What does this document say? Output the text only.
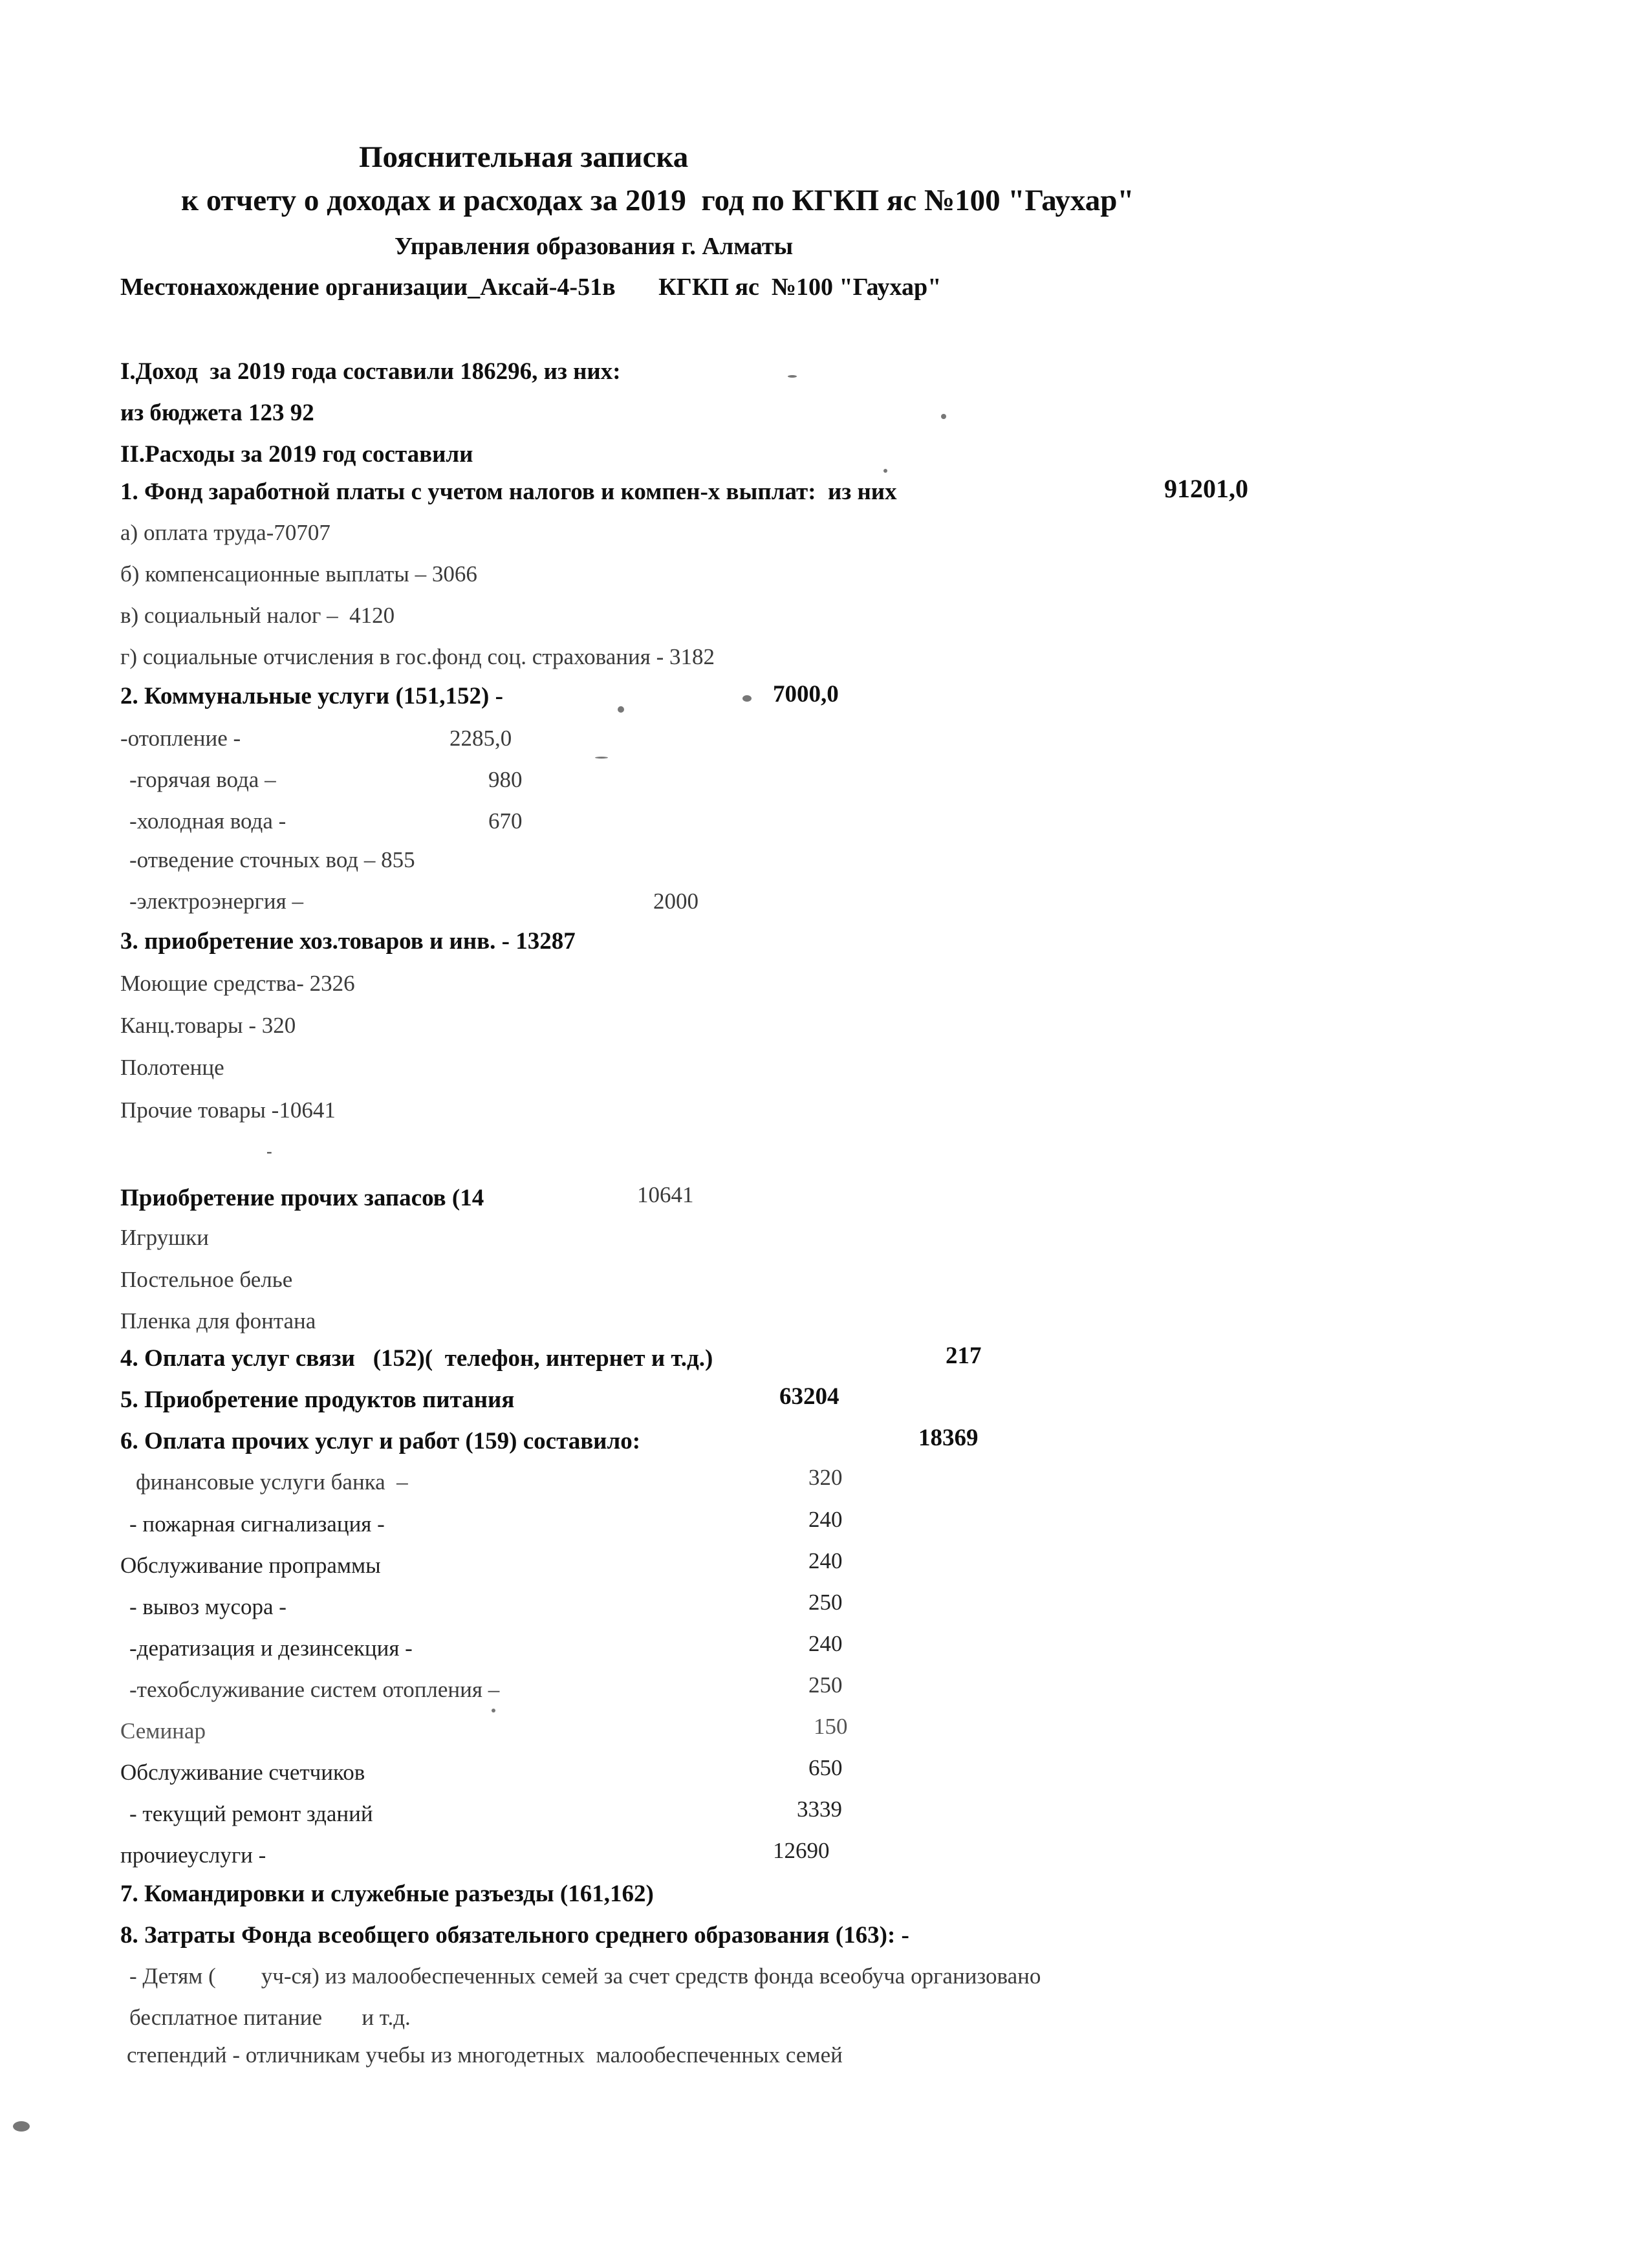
Пояснительная записка
к отчету о доходах и расходах за 2019  год по КГКП яс №100 "Гаухар"
Управления образования г. Алматы
Местонахождение организации_Аксай-4-51в       КГКП яс  №100 "Гаухар"
I.Доход  за 2019 года составили 186296, из них:
из бюджета 123 92
II.Расходы за 2019 год составили
1. Фонд заработной платы с учетом налогов и компен-х выплат:  из них	91201,0
а) оплата труда-70707
б) компенсационные выплаты – 3066
в) социальный налог –  4120
г) социальные отчисления в гос.фонд соц. страхования - 3182
2. Коммунальные услуги (151,152) -	7000,0
-отопление -	2285,0
-горячая вода –	980
-холодная вода -	670
-отведение сточных вод – 855
-электроэнергия –	2000
3. приобретение хоз.товаров и инв. - 13287
Моющие средства- 2326
Канц.товары - 320
Полотенце
Прочие товары -10641
-
Приобретение прочих запасов (14	10641
Игрушки
Постельное белье
Пленка для фонтана
4. Оплата услуг связи   (152)(  телефон, интернет и т.д.)	217
5. Приобретение продуктов питания	63204
6. Оплата прочих услуг и работ (159) составило:	18369
финансовые услуги банка  –	320
- пожарная сигнализация -	240
Обслуживание пропраммы	240
- вывоз мусора -	250
-дератизация и дезинсекция -	240
-техобслуживание систем отопления –	250
Семинар	150
Обслуживание счетчиков	650
- текущий ремонт зданий	3339
прочиеуслуги -	12690
7. Командировки и служебные разъезды (161,162)
8. Затраты Фонда всеобщего обязательного среднего образования (163): -
- Детям (        уч-ся) из малообеспеченных семей за счет средств фонда всеобуча организовано
бесплатное питание       и т.д.
степендий - отличникам учебы из многодетных  малообеспеченных семей
